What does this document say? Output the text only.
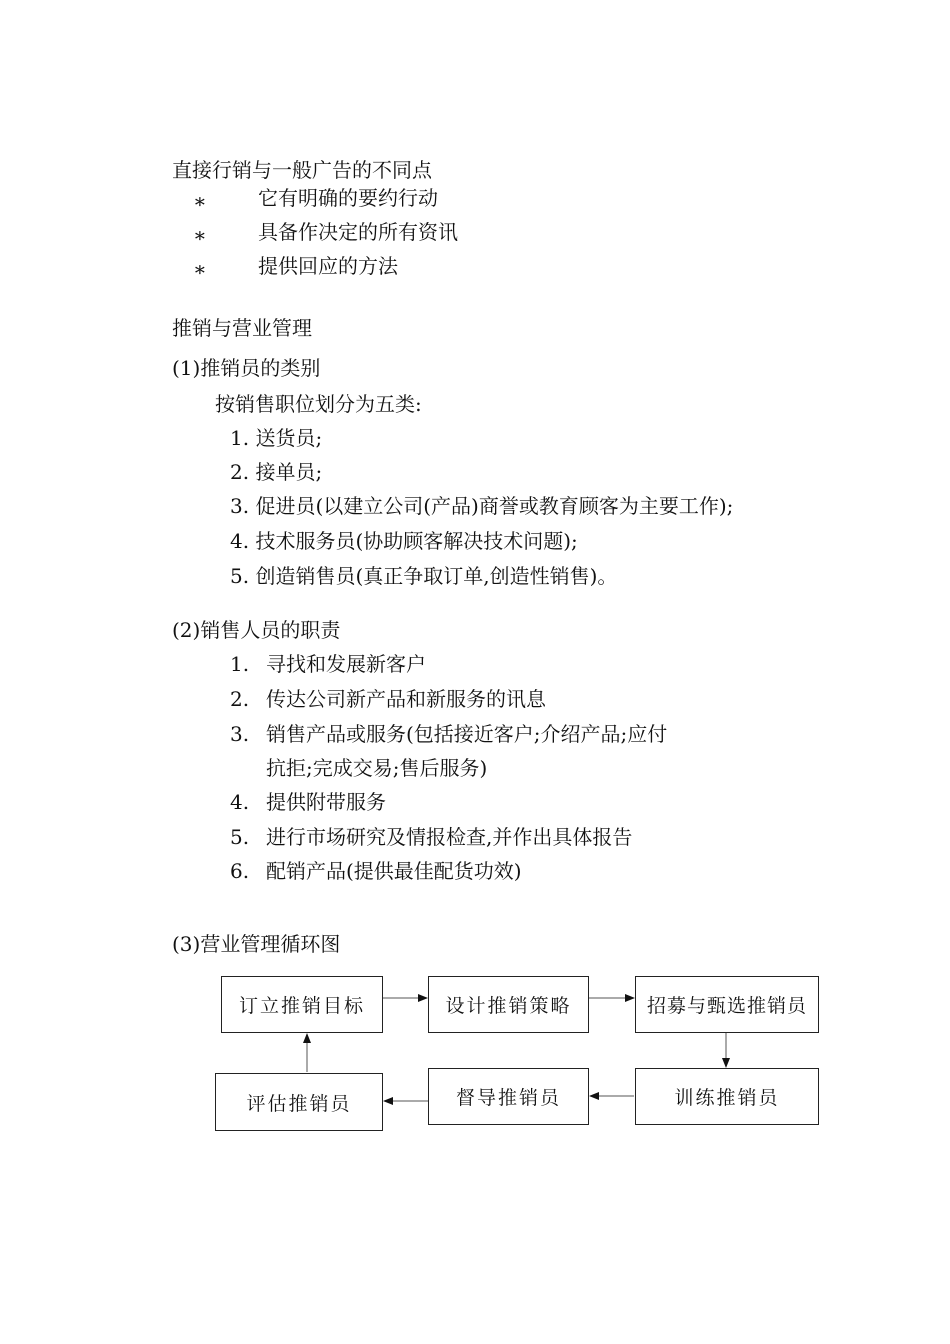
直接行销与一般广告的不同点
∗	它有明确的要约行动
∗	具备作决定的所有资讯
∗	提供回应的方法
推销与营业管理
(1)推销员的类别
按销售职位划分为五类:
1. 送货员;
2. 接单员;
3. 促进员(以建立公司(产品)商誉或教育顾客为主要工作);
4. 技术服务员(协助顾客解决技术问题);
5. 创造销售员(真正争取订单,创造性销售)。
(2)销售人员的职责
1. 寻找和发展新客户
2. 传达公司新产品和新服务的讯息
3. 销售产品或服务(包括接近客户;介绍产品;应付
抗拒;完成交易;售后服务)
4. 提供附带服务
5. 进行市场研究及情报检查,并作出具体报告
6. 配销产品(提供最佳配货功效)
(3)营业管理循环图
订立推销目标	设计推销策略	招募与甄选推销员
训练推销员
督导推销员
评估推销员
